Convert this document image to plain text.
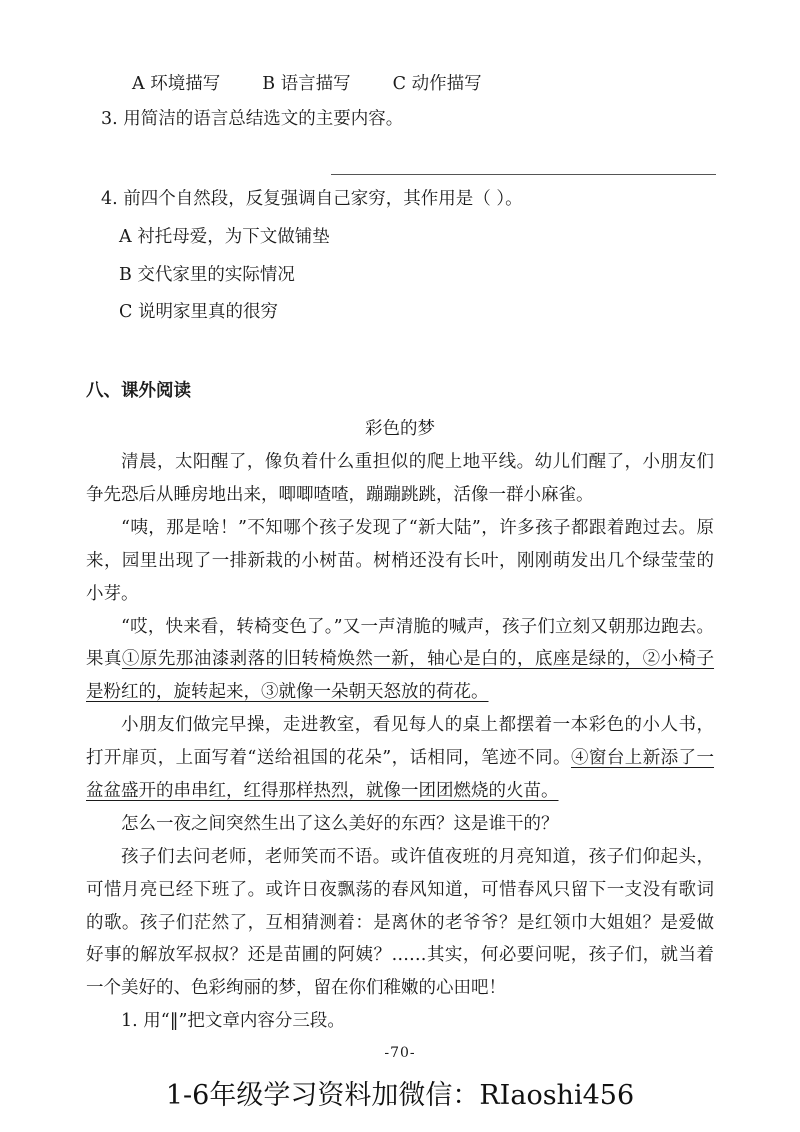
A 环境描写 B 语言描写 C 动作描写
3. 用简洁的语言总结选文的主要内容。
4. 前四个自然段，反复强调自己家穷，其作用是（ ）。
A 衬托母爱，为下文做铺垫
B 交代家里的实际情况
C 说明家里真的很穷
八、课外阅读
彩色的梦

清晨，太阳醒了，像负着什么重担似的爬上地平线。幼儿们醒了，小朋友们争先恐后从睡房地出来，唧唧喳喳，蹦蹦跳跳，活像一群小麻雀。

“咦，那是啥！”不知哪个孩子发现了“新大陆”，许多孩子都跟着跑过去。原来，园里出现了一排新栽的小树苗。树梢还没有长叶，刚刚萌发出几个绿莹莹的小芽。

“哎，快来看，转椅变色了。”又一声清脆的喊声，孩子们立刻又朝那边跑去。果真①原先那油漆剥落的旧转椅焕然一新，轴心是白的，底座是绿的，②小椅子是粉红的，旋转起来，③就像一朵朝天怒放的荷花。

小朋友们做完早操，走进教室，看见每人的桌上都摆着一本彩色的小人书，打开扉页，上面写着“送给祖国的花朵”，话相同，笔迹不同。④窗台上新添了一盆盆盛开的串串红，红得那样热烈，就像一团团燃烧的火苗。

怎么一夜之间突然生出了这么美好的东西？这是谁干的？

孩子们去问老师，老师笑而不语。或许值夜班的月亮知道，孩子们仰起头，可惜月亮已经下班了。或许日夜飘荡的春风知道，可惜春风只留下一支没有歌词的歌。孩子们茫然了，互相猜测着：是离休的老爷爷？是红领巾大姐姐？是爱做好事的解放军叔叔？还是苗圃的阿姨？……其实，何必要问呢，孩子们，就当着一个美好的、色彩绚丽的梦，留在你们稚嫩的心田吧！

1. 用“‖”把文章内容分三段。

-70-
1-6年级学习资料加微信：RIaoshi456
